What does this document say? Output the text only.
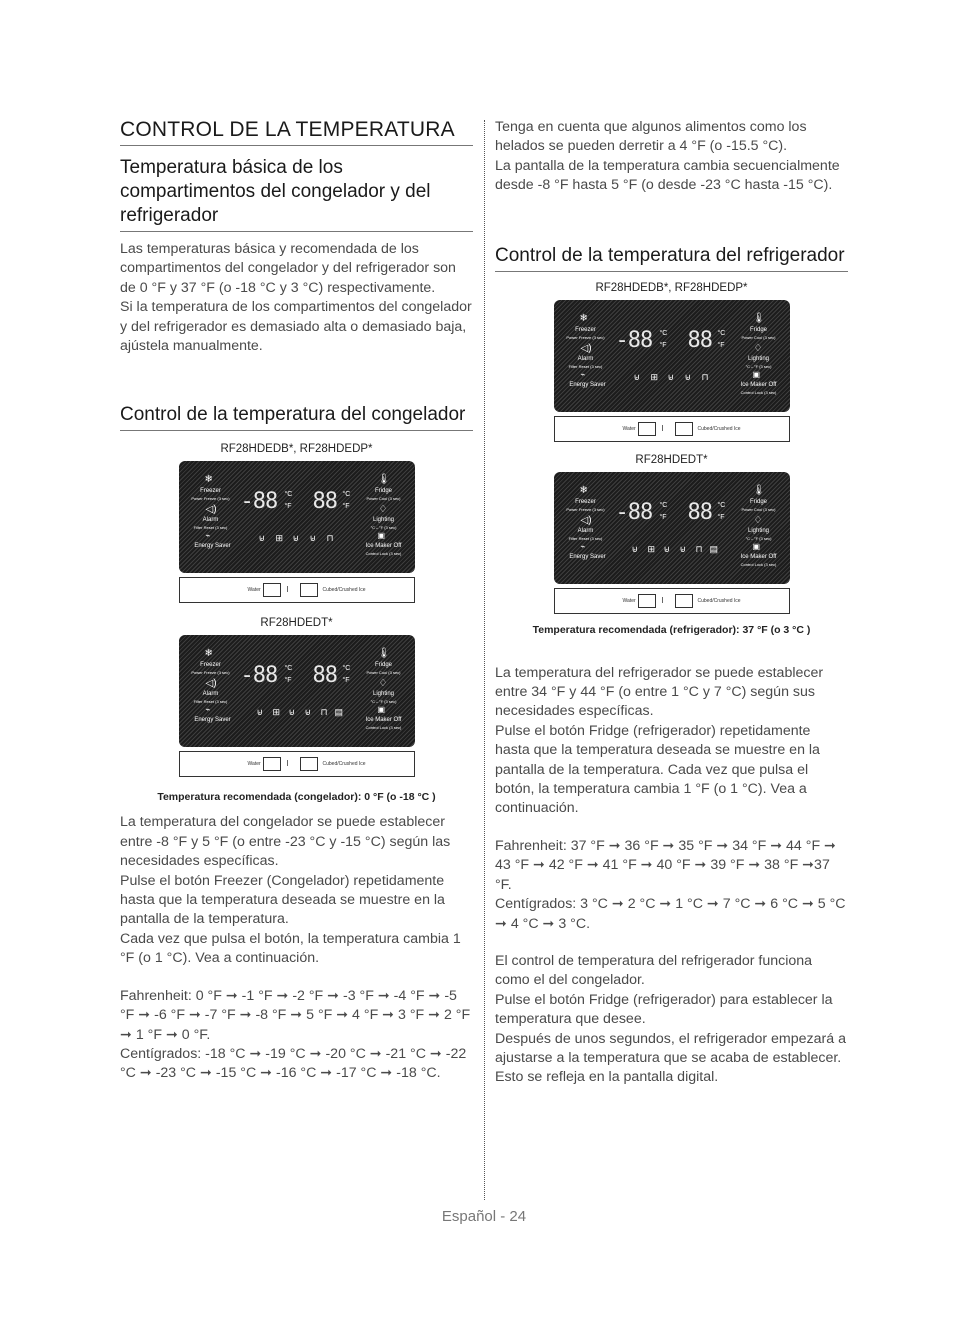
CONTROL DE LA TEMPERATURA
Temperatura básica de los compartimentos del congelador y del refrigerador

Las temperaturas básica y recomendada de los compartimentos del congelador y del refrigerador son de 0 °F y 37 °F (o -18 °C y 3 °C) respectivamente.

Si la temperatura de los compartimentos del congelador y del refrigerador es demasiado alta o demasiado baja, ajústela manualmente.

Control de la temperatura del congelador
RF28HDEDB*, RF28HDEDP*
❄
Freezer
Power Freeze (3 sec)
◁)
Alarm
Filter Reset (3 sec)
⌁
Energy Saver
-88 °C
°F 88 °C
°F
🌡
Fridge
Power Cool (3 sec)
♢
Lighting
°C↔°F (3 sec)
▣
Ice Maker Off
Control Lock (3 sec)
⊌ ⊞ ⊌ ⊌ ⊓
Water	I	Cubed/Crushed Ice
RF28HDEDT*
❄
Freezer
Power Freeze (3 sec)
◁)
Alarm
Filter Reset (3 sec)
⌁
Energy Saver
-88 °C
°F 88 °C
°F
🌡
Fridge
Power Cool (3 sec)
♢
Lighting
°C↔°F (3 sec)
▣
Ice Maker Off
Control Lock (3 sec)
⊌ ⊞ ⊌ ⊌ ⊓ ▤
Water	I	Cubed/Crushed Ice
Temperatura recomendada (congelador): 0 °F (o -18 °C )

La temperatura del congelador se puede establecer entre -8 °F y 5 °F (o entre -23 °C y -15 °C) según las necesidades específicas.

Pulse el botón Freezer (Congelador) repetidamente hasta que la temperatura deseada se muestre en la pantalla de la temperatura.

Cada vez que pulsa el botón, la temperatura cambia 1 °F (o 1 °C). Vea a continuación.

Fahrenheit: 0 °F ➞ -1 °F ➞ -2 °F ➞ -3 °F ➞ -4 °F ➞ -5 °F ➞ -6 °F ➞ -7 °F ➞ -8 °F ➞ 5 °F ➞ 4 °F ➞ 3 °F ➞ 2 °F ➞ 1 °F ➞ 0 °F.

Centígrados: -18 °C ➞ -19 °C ➞ -20 °C ➞ -21 °C ➞ -22 °C ➞ -23 °C ➞ -15 °C ➞ -16 °C ➞ -17 °C ➞ -18 °C.

Tenga en cuenta que algunos alimentos como los helados se pueden derretir a 4 °F (o -15.5 °C).

La pantalla de la temperatura cambia secuencialmente desde -8 °F hasta 5 °F (o desde -23 °C hasta -15 °C).

Control de la temperatura del refrigerador
RF28HDEDB*, RF28HDEDP*
❄
Freezer
Power Freeze (3 sec)
◁)
Alarm
Filter Reset (3 sec)
⌁
Energy Saver
-88 °C
°F 88 °C
°F
🌡
Fridge
Power Cool (3 sec)
♢
Lighting
°C↔°F (3 sec)
▣
Ice Maker Off
Control Lock (3 sec)
⊌ ⊞ ⊌ ⊌ ⊓
Water	I	Cubed/Crushed Ice
RF28HDEDT*
❄
Freezer
Power Freeze (3 sec)
◁)
Alarm
Filter Reset (3 sec)
⌁
Energy Saver
-88 °C
°F 88 °C
°F
🌡
Fridge
Power Cool (3 sec)
♢
Lighting
°C↔°F (3 sec)
▣
Ice Maker Off
Control Lock (3 sec)
⊌ ⊞ ⊌ ⊌ ⊓ ▤
Water	I	Cubed/Crushed Ice
Temperatura recomendada (refrigerador): 37 °F (o 3 °C )

La temperatura del refrigerador se puede establecer entre 34 °F y 44 °F (o entre 1 °C y 7 °C) según sus necesidades específicas.

Pulse el botón Fridge (refrigerador) repetidamente hasta que la temperatura deseada se muestre en la pantalla de la temperatura. Cada vez que pulsa el botón, la temperatura cambia 1 °F (o 1 °C). Vea a continuación.

Fahrenheit: 37 °F ➞ 36 °F ➞ 35 °F ➞ 34 °F ➞ 44 °F ➞ 43 °F ➞ 42 °F ➞ 41 °F ➞ 40 °F ➞ 39 °F ➞ 38 °F ➞37 °F.

Centígrados: 3 °C ➞ 2 °C ➞ 1 °C ➞ 7 °C ➞ 6 °C ➞ 5 °C ➞ 4 °C ➞ 3 °C.

El control de temperatura del refrigerador funciona como el del congelador.

Pulse el botón Fridge (refrigerador) para establecer la temperatura que desee.

Después de unos segundos, el refrigerador empezará a ajustarse a la temperatura que se acaba de establecer.

Esto se refleja en la pantalla digital.

Español - 24
